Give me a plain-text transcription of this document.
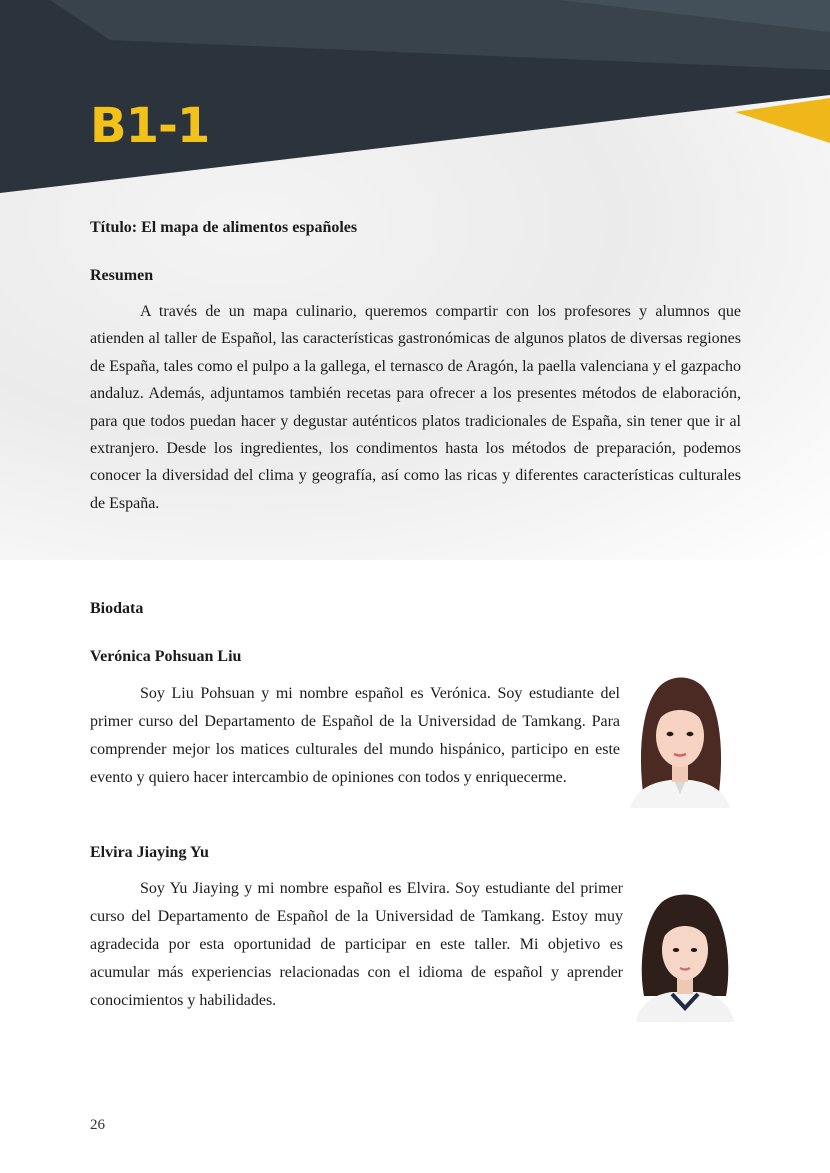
B1-1
Título: El mapa de alimentos españoles
Resumen

A través de un mapa culinario, queremos compartir con los profesores y alumnos que atienden al taller de Español, las características gastronómicas de algunos platos de diversas regiones de España, tales como el pulpo a la gallega, el ternasco de Aragón, la paella valenciana y el gazpacho andaluz. Además, adjuntamos también recetas para ofrecer a los presentes métodos de elaboración, para que todos puedan hacer y degustar auténticos platos tradicionales de España, sin tener que ir al extranjero. Desde los ingredientes, los condimentos hasta los métodos de preparación, podemos conocer la diversidad del clima y geografía, así como las ricas y diferentes características culturales de España.

Biodata
Verónica Pohsuan Liu

Soy Liu Pohsuan y mi nombre español es Verónica. Soy estudiante del primer curso del Departamento de Español de la Universidad de Tamkang. Para comprender mejor los matices culturales del mundo hispánico, participo en este evento y quiero hacer intercambio de opiniones con todos y enriquecerme.

Elvira Jiaying Yu

Soy Yu Jiaying y mi nombre español es Elvira. Soy estudiante del primer curso del Departamento de Español de la Universidad de Tamkang. Estoy muy agradecida por esta oportunidad de participar en este taller. Mi objetivo es acumular más experiencias relacionadas con el idioma de español y aprender conocimientos y habilidades.

26
